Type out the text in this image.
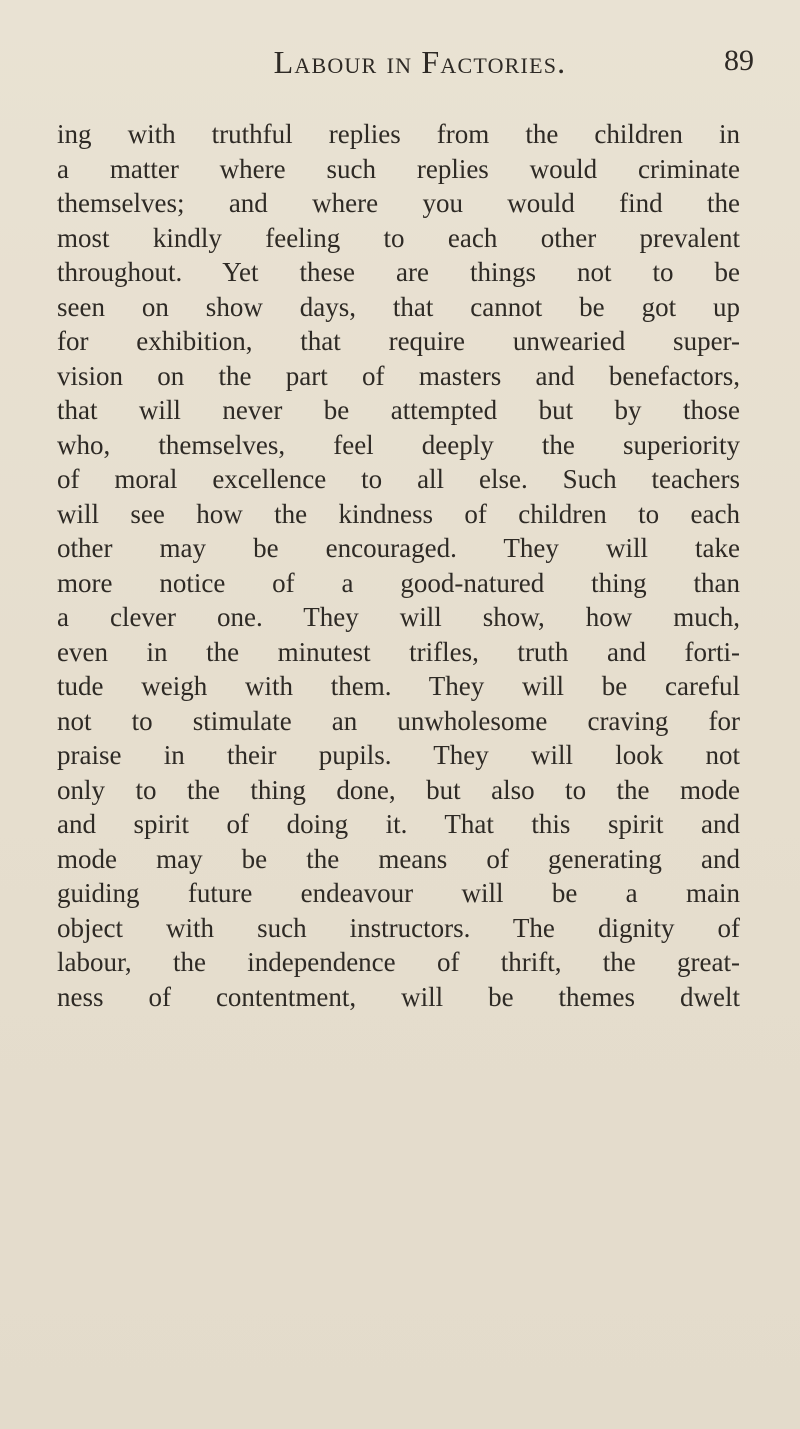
Labour in Factories.	89
ing with truthful replies from the children in
a matter where such replies would criminate
themselves; and where you would find the
most kindly feeling to each other prevalent
throughout. Yet these are things not to be
seen on show days, that cannot be got up
for exhibition, that require unwearied super-
vision on the part of masters and benefactors,
that will never be attempted but by those
who, themselves, feel deeply the superiority
of moral excellence to all else. Such teachers
will see how the kindness of children to each
other may be encouraged. They will take
more notice of a good-natured thing than
a clever one. They will show, how much,
even in the minutest trifles, truth and forti-
tude weigh with them. They will be careful
not to stimulate an unwholesome craving for
praise in their pupils. They will look not
only to the thing done, but also to the mode
and spirit of doing it. That this spirit and
mode may be the means of generating and
guiding future endeavour will be a main
object with such instructors. The dignity of
labour, the independence of thrift, the great-
ness of contentment, will be themes dwelt
